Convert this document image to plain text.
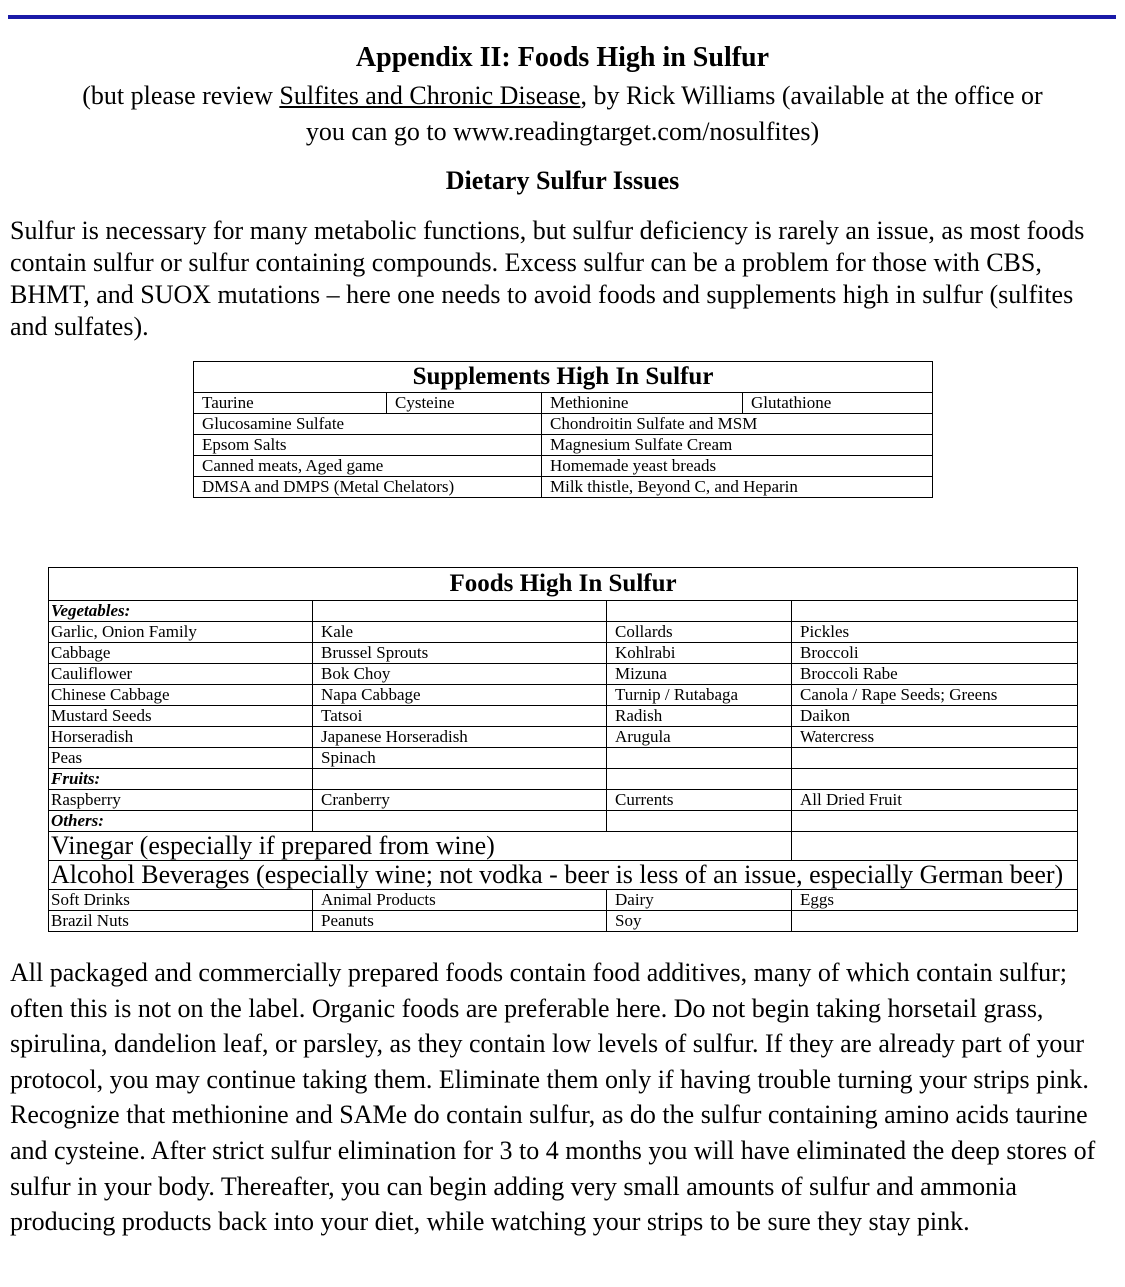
Appendix II: Foods High in Sulfur
(but please review Sulfites and Chronic Disease, by Rick Williams (available at the office or
you can go to www.readingtarget.com/nosulfites)
Dietary Sulfur Issues
Sulfur is necessary for many metabolic functions, but sulfur deficiency is rarely an issue, as most foods contain sulfur or sulfur containing compounds. Excess sulfur can be a problem for those with CBS, BHMT, and SUOX mutations – here one needs to avoid foods and supplements high in sulfur (sulfites and sulfates).
Supplements High In Sulfur			
Taurine	Cysteine	Methionine	Glutathione
Glucosamine Sulfate		Chondroitin Sulfate and MSM	
Epsom Salts		Magnesium Sulfate Cream	
Canned meats, Aged game		Homemade yeast breads	
DMSA and DMPS (Metal Chelators)		Milk thistle, Beyond C, and Heparin	
Foods High In Sulfur			
Vegetables:			
Garlic, Onion Family	Kale	Collards	Pickles
Cabbage	Brussel Sprouts	Kohlrabi	Broccoli
Cauliflower	Bok Choy	Mizuna	Broccoli Rabe
Chinese Cabbage	Napa Cabbage	Turnip / Rutabaga	Canola / Rape Seeds; Greens
Mustard Seeds	Tatsoi	Radish	Daikon
Horseradish	Japanese Horseradish	Arugula	Watercress
Peas	Spinach		
Fruits:			
Raspberry	Cranberry	Currents	All Dried Fruit
Others:			
Vinegar (especially if prepared from wine)			
Alcohol Beverages (especially wine; not vodka - beer is less of an issue, especially German beer)			
Soft Drinks	Animal Products	Dairy	Eggs
Brazil Nuts	Peanuts	Soy	
All packaged and commercially prepared foods contain food additives, many of which contain sulfur; often this is not on the label. Organic foods are preferable here. Do not begin taking horsetail grass, spirulina, dandelion leaf, or parsley, as they contain low levels of sulfur. If they are already part of your protocol, you may continue taking them. Eliminate them only if having trouble turning your strips pink. Recognize that methionine and SAMe do contain sulfur, as do the sulfur containing amino acids taurine and cysteine. After strict sulfur elimination for 3 to 4 months you will have eliminated the deep stores of sulfur in your body. Thereafter, you can begin adding very small amounts of sulfur and ammonia producing products back into your diet, while watching your strips to be sure they stay pink.
